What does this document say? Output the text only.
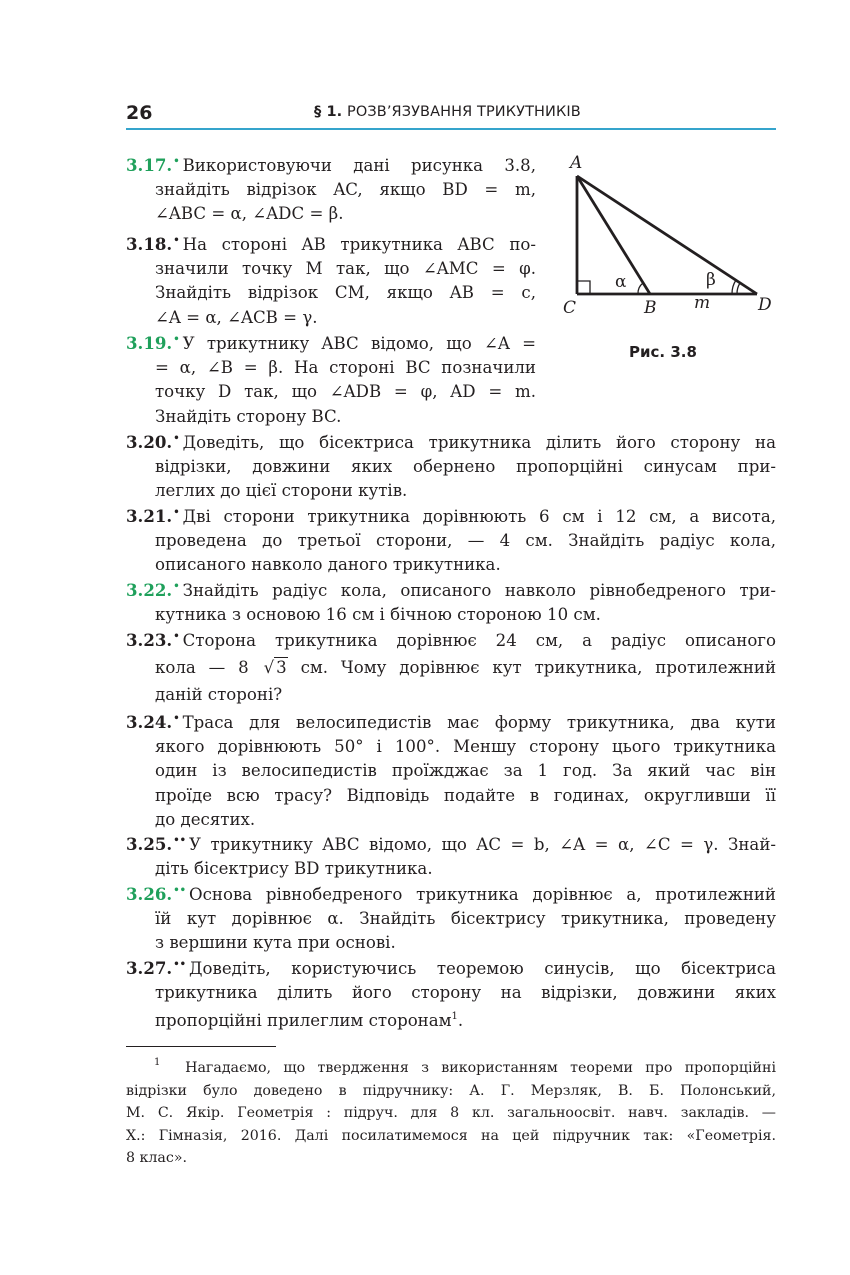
26	§ 1. РОЗВ’ЯЗУВАННЯ ТРИКУТНИКІВ
A
C	B	D
m
α	β
Рис. 3.8
3.17.• Використовуючи дані рисунка 3.8,
знайдіть відрізок AC, якщо BD = m,
∠ABC = α, ∠ADC = β.
3.18.• На стороні AB трикутника ABC по-
значили точку M так, що ∠AMC = φ.
Знайдіть відрізок CM, якщо AB = c,
∠A = α, ∠ACB = γ.
3.19.• У трикутнику ABC відомо, що ∠A =
= α, ∠B = β. На стороні BC позначили
точку D так, що ∠ADB = φ, AD = m.
Знайдіть сторону BC.
3.20.• Доведіть, що бісектриса трикутника ділить його сторону на
відрізки, довжини яких обернено пропорційні синусам при-
леглих до цієї сторони кутів.
3.21.• Дві сторони трикутника дорівнюють 6 см і 12 см, а висота,
проведена до третьої сторони, — 4 см. Знайдіть радіус кола,
описаного навколо даного трикутника.
3.22.• Знайдіть радіус кола, описаного навколо рівнобедреного три-
кутника з основою 16 см і бічною стороною 10 см.
3.23.• Сторона трикутника дорівнює 24 см, а радіус описаного
кола — 8 √ 3 см. Чому дорівнює кут трикутника, протилежний
даній стороні?
3.24.• Траса для велосипедистів має форму трикутника, два кути
якого дорівнюють 50° і 100°. Меншу сторону цього трикутника
один із велосипедистів проїжджає за 1 год. За який час він
проїде всю трасу? Відповідь подайте в годинах, округливши її
до десятих.
3.25.•• У трикутнику ABC відомо, що AC = b, ∠A = α, ∠C = γ. Знай-
діть бісектрису BD трикутника.
3.26.•• Основа рівнобедреного трикутника дорівнює a, протилежний
їй кут дорівнює α. Знайдіть бісектрису трикутника, проведену
з вершини кута при основі.
3.27.•• Доведіть, користуючись теоремою синусів, що бісектриса
трикутника ділить його сторону на відрізки, довжини яких
пропорційні прилеглим сторонам$^1$.
$^1$ Нагадаємо, що твердження з використанням теореми про пропорційні
відрізки було доведено в підручнику: А. Г. Мерзляк, В. Б. Полонський,
М. С. Якір. Геометрія : підруч. для 8 кл. загальноосвіт. навч. закладів. —
Х.: Гімназія, 2016. Далі посилатимемося на цей підручник так: «Геометрія.
8 клас».
